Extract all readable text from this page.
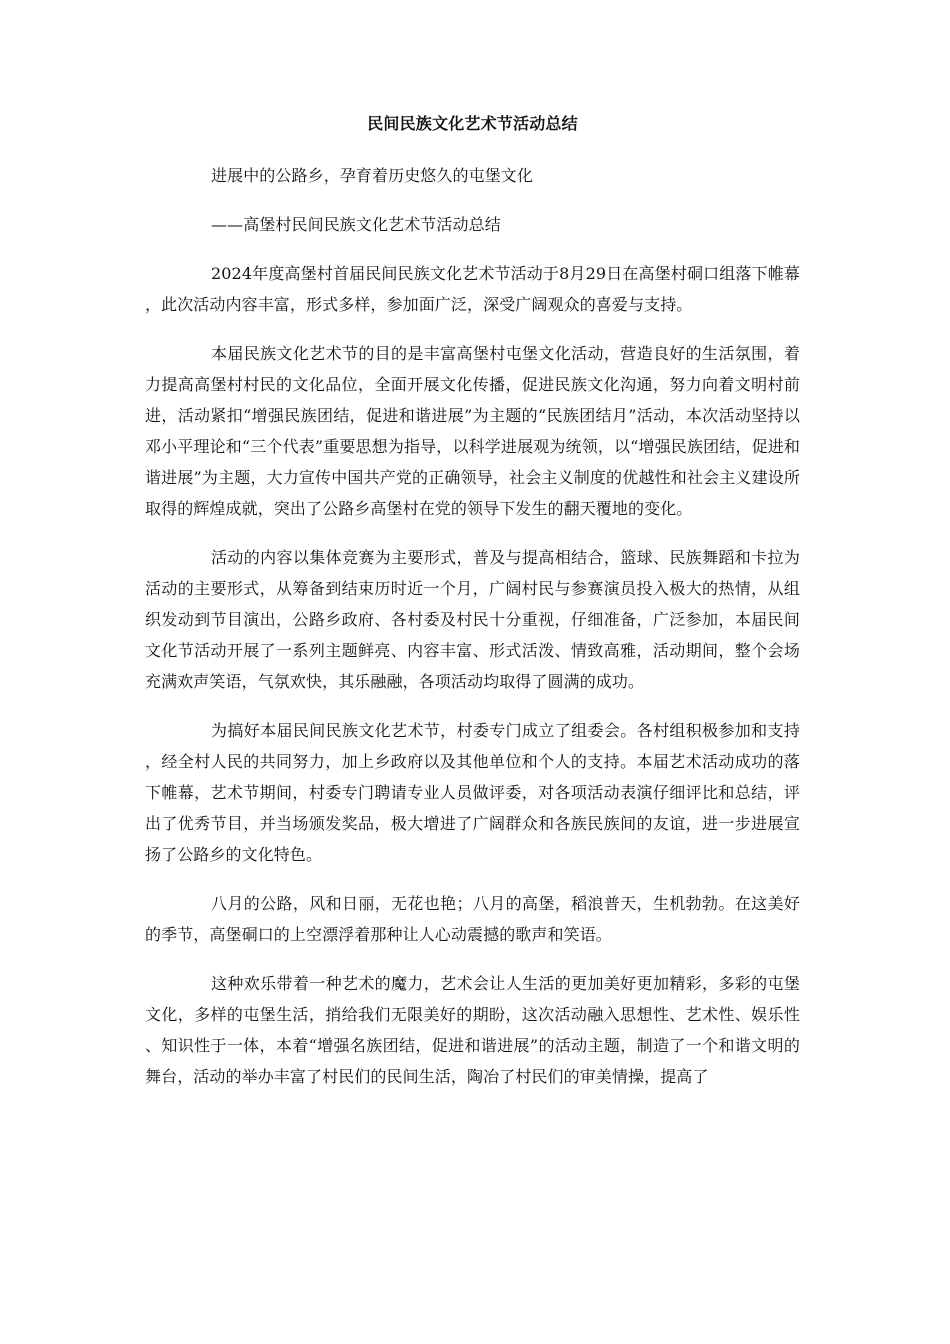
民间民族文化艺术节活动总结
进展中的公路乡，孕育着历史悠久的屯堡文化
——高堡村民间民族文化艺术节活动总结
2024年度高堡村首届民间民族文化艺术节活动于8月29日在高堡村硐口组落下帷幕，此次活动内容丰富，形式多样，参加面广泛，深受广阔观众的喜爱与支持。
本届民族文化艺术节的目的是丰富高堡村屯堡文化活动，营造良好的生活氛围，着力提高高堡村村民的文化品位，全面开展文化传播，促进民族文化沟通，努力向着文明村前进，活动紧扣“增强民族团结，促进和谐进展”为主题的“民族团结月”活动，本次活动坚持以邓小平理论和“三个代表”重要思想为指导，以科学进展观为统领，以“增强民族团结，促进和谐进展”为主题，大力宣传中国共产党的正确领导，社会主义制度的优越性和社会主义建设所取得的辉煌成就，突出了公路乡高堡村在党的领导下发生的翻天覆地的变化。
活动的内容以集体竞赛为主要形式，普及与提高相结合，篮球、民族舞蹈和卡拉为活动的主要形式，从筹备到结束历时近一个月，广阔村民与参赛演员投入极大的热情，从组织发动到节目演出，公路乡政府、各村委及村民十分重视，仔细准备，广泛参加，本届民间文化节活动开展了一系列主题鲜亮、内容丰富、形式活泼、情致高雅，活动期间，整个会场充满欢声笑语，气氛欢快，其乐融融，各项活动均取得了圆满的成功。
为搞好本届民间民族文化艺术节，村委专门成立了组委会。各村组积极参加和支持，经全村人民的共同努力，加上乡政府以及其他单位和个人的支持。本届艺术活动成功的落下帷幕，艺术节期间，村委专门聘请专业人员做评委，对各项活动表演仔细评比和总结，评出了优秀节目，并当场颁发奖品，极大增进了广阔群众和各族民族间的友谊，进一步进展宣扬了公路乡的文化特色。
八月的公路，风和日丽，无花也艳；八月的高堡，稻浪普天，生机勃勃。在这美好的季节，高堡硐口的上空漂浮着那种让人心动震撼的歌声和笑语。
这种欢乐带着一种艺术的魔力，艺术会让人生活的更加美好更加精彩，多彩的屯堡文化，多样的屯堡生活，捎给我们无限美好的期盼，这次活动融入思想性、艺术性、娱乐性、知识性于一体，本着“增强名族团结，促进和谐进展”的活动主题，制造了一个和谐文明的舞台，活动的举办丰富了村民们的民间生活，陶冶了村民们的审美情操，提高了
